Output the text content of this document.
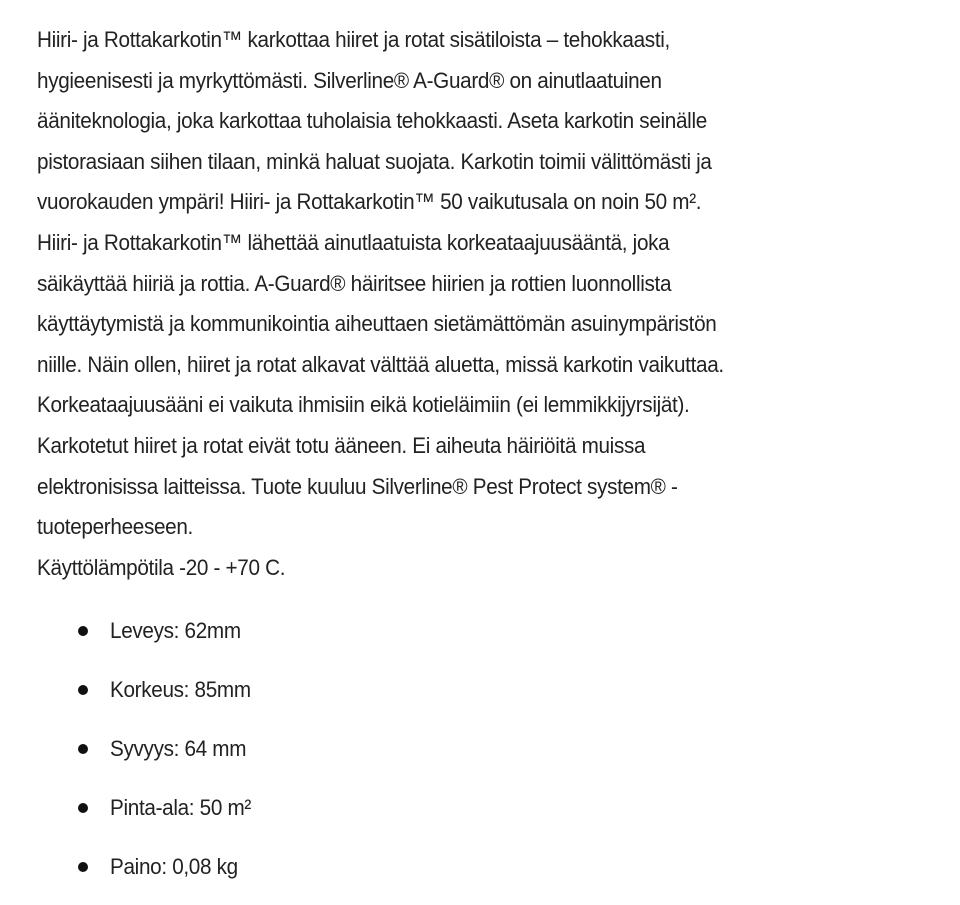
Hiiri- ja Rottakarkotin™ karkottaa hiiret ja rotat sisätiloista – tehokkaasti,
hygieenisesti ja myrkyttömästi. Silverline® A-Guard® on ainutlaatuinen
ääniteknologia, joka karkottaa tuholaisia tehokkaasti. Aseta karkotin seinälle
pistorasiaan siihen tilaan, minkä haluat suojata. Karkotin toimii välittömästi ja
vuorokauden ympäri! Hiiri- ja Rottakarkotin™ 50 vaikutusala on noin 50 m².
Hiiri- ja Rottakarkotin™ lähettää ainutlaatuista korkeataajuusääntä, joka
säikäyttää hiiriä ja rottia. A-Guard® häiritsee hiirien ja rottien luonnollista
käyttäytymistä ja kommunikointia aiheuttaen sietämättömän asuinympäristön
niille. Näin ollen, hiiret ja rotat alkavat välttää aluetta, missä karkotin vaikuttaa.
Korkeataajuusääni ei vaikuta ihmisiin eikä kotieläimiin (ei lemmikkijyrsijät).
Karkotetut hiiret ja rotat eivät totu ääneen. Ei aiheuta häiriöitä muissa
elektronisissa laitteissa. Tuote kuuluu Silverline® Pest Protect system® -
tuoteperheeseen.
Käyttölämpötila -20 - +70 C.
Leveys: 62mm
Korkeus: 85mm
Syvyys: 64 mm
Pinta-ala: 50 m²
Paino: 0,08 kg
